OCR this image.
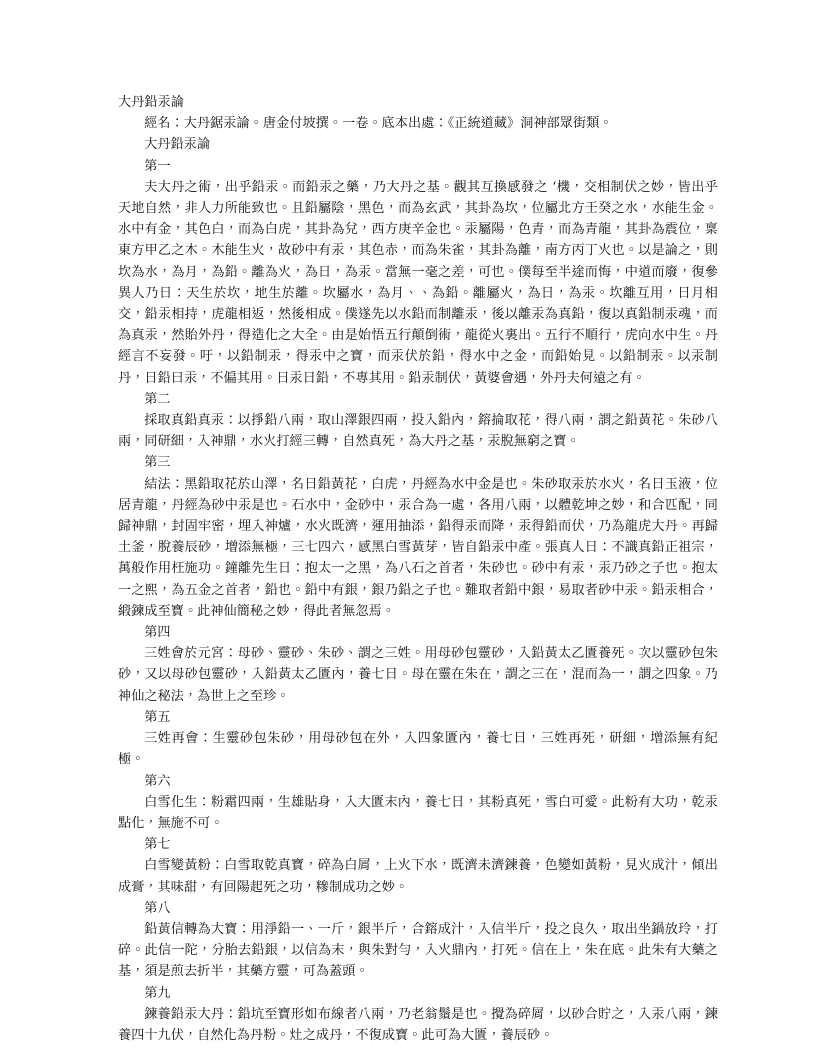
大丹鉛汞論

經名：大丹鋸汞論。唐金付坡撰。一卷。底本出處：《正統道藏》洞神部眾街類。

大丹鉛汞論

第一

夫大丹之術，出乎鉛汞。而鉛汞之藥，乃大丹之基。觀其互換感發之 ‘機，交相制伏之妙，皆出乎天地自然，非人力所能致也。且鉛屬陰，黑色，而為玄武，其卦為坎，位屬北方壬癸之水，水能生金。水中有金，其色白，而為白虎，其卦為兌，西方庚辛金也。汞屬陽，色青，而為青龍，其卦為震位，稟東方甲乙之木。木能生火，故砂中有汞，其色赤，而為朱雀，其卦為離，南方丙丁火也。以是論之，則坎為水，為月，為鉛。離為火，為日，為汞。當無一毫之差，可也。僕每至半途而悔，中道而廢，復參異人乃日：天生於坎，地生於離。坎屬水，為月、、為鉛。離屬火，為日，為汞。坎離互用，日月相交，鉛汞相持，虎龍相返，然後相成。僕遂先以水鉛而制離汞，後以離汞為真鉛，復以真鉛制汞魂，而為真汞，然貽外丹，得造化之大全。由是始悟五行顛倒術，龍從火裏出。五行不順行，虎向水中生。丹經言不妄發。吁，以鉛制汞，得汞中之寶，而汞伏於鉛，得水中之金，而鉛始見。以鉛制汞。以汞制丹，日鉛曰汞，不偏其用。日汞日鉛，不專其用。鉛汞制伏，黃婆會遇，外丹夫何遠之有。

第二

採取真鉛真汞：以掙鉛八兩，取山澤銀四兩，投入鉛內，鎔掄取花，得八兩，謂之鉛黃花。朱砂八兩，同研細，入神鼎，水火打經三轉，自然真死，為大丹之基，汞脫無窮之寶。

第三

結法：黑鉛取花於山澤，名日鉛黃花，白虎，丹經為水中金是也。朱砂取汞於水火，名日玉液，位居青龍，丹經為砂中汞是也。石水中，金砂中，汞合為一處，各用八兩，以體乾坤之妙，和合匹配，同歸神鼎，封固牢密，埋入神爐，水火既濟，運用抽添，鉛得汞而降，汞得鉛而伏，乃為龍虎大丹。再歸土釜，脫養辰砂，增添無極，三七四六，感黑白雪黃芽，皆自鉛汞中產。張真人日：不識真鉛正祖宗，萬般作用枉施功。鐘離先生日：抱太一之黑，為八石之首者，朱砂也。砂中有汞，汞乃砂之子也。抱太一之熙，為五金之首者，鉛也。鉛中有銀，銀乃鉛之子也。難取者鉛中銀，易取者砂中汞。鉛汞相合，緞鍊成至寶。此神仙簡秘之妙，得此者無忽焉。

第四

三姓會於元宮：母砂、靈砂、朱砂、謂之三姓。用母砂包靈砂，入鉛黃太乙匱養死。次以靈砂包朱砂，又以母砂包靈砂，入鉛黃太乙匱內，養七日。母在靈在朱在，謂之三在，混而為一，謂之四象。乃神仙之秘法，為世上之至珍。

第五

三姓再會：生靈砂包朱砂，用母砂包在外，入四象匱內，養七日，三姓再死，研細，增添無有紀極。

第六

白雪化生：粉霜四兩，生雄貼身，入大匱末內，養七日，其粉真死，雪白可愛。此粉有大功，乾汞點化，無施不可。

第七

白雪變黃粉：白雪取乾真寶，碎為白屑，上火下水，既濟未濟鍊養，色變如黃粉，見火成汁，傾出成膏，其味甜，有回陽起死之功，糝制成功之妙。

第八

鉛黃信轉為大寶：用淨鉛一、一斤，銀半斤，合鎔成汁，入信半斤，投之良久，取出坐鍋放玲，打碎。此信一陀，分胎去鉛銀，以信為末，與朱對勻，入火鼎內，打死。信在上，朱在底。此朱有大藥之基，須是煎去折半，其藥方靈，可為蓋頭。

第九

鍊養鉛汞大丹：鉛坑至寶形如布線者八兩，乃老翁鬚是也。攪為碎屑，以砂合貯之，入汞八兩，鍊養四十九伏，自然化為丹粉。灶之成丹，不復成寶。此可為大匱，養辰砂。
